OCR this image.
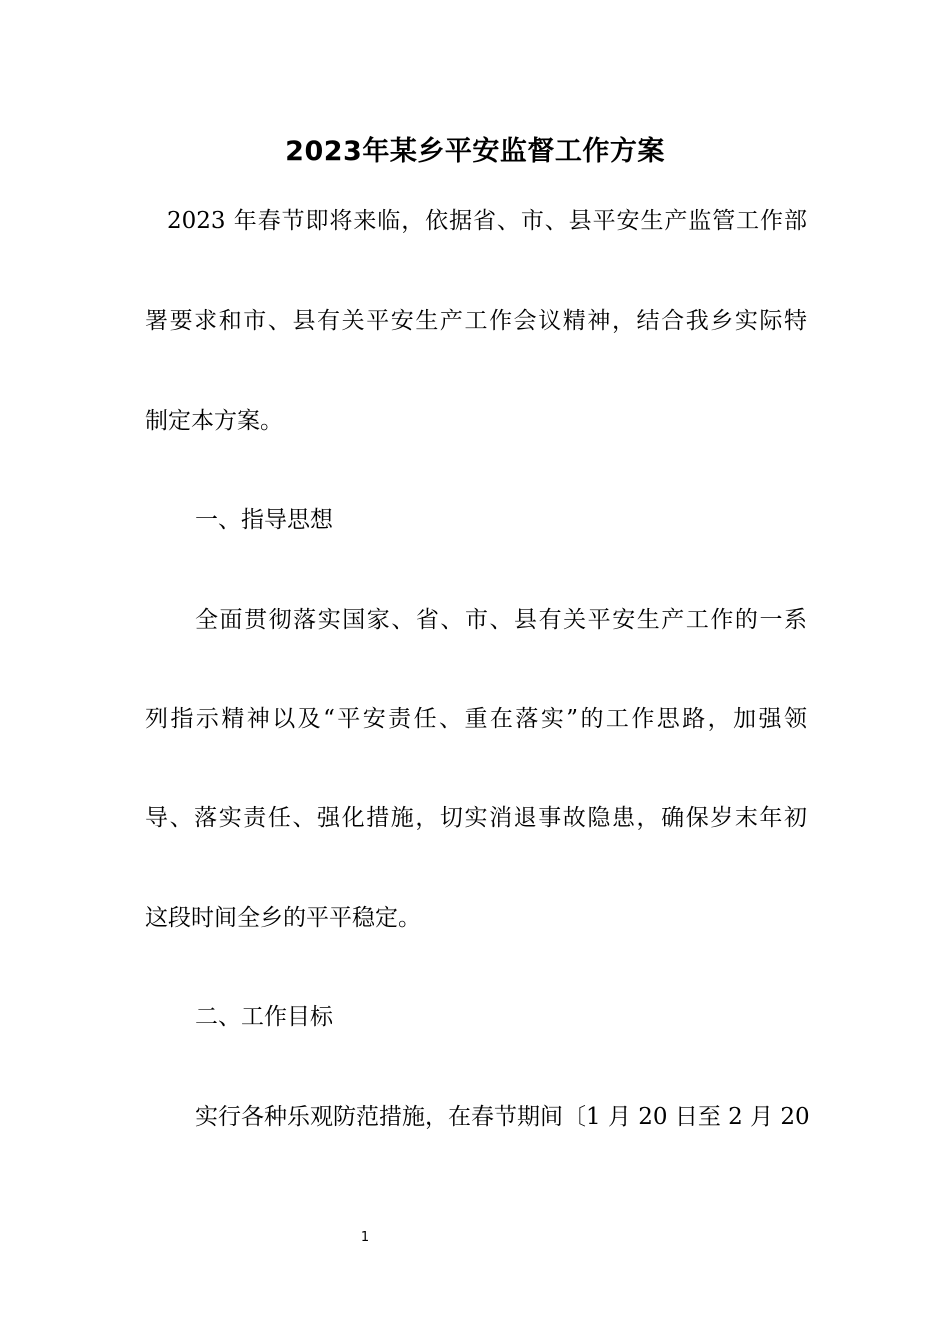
2023年某乡平安监督工作方案
2023 年春节即将来临，依据省、市、县平安生产监管工作部
署要求和市、县有关平安生产工作会议精神，结合我乡实际特
制定本方案。
一、指导思想
全面贯彻落实国家、省、市、县有关平安生产工作的一系
列指示精神以及“平安责任、重在落实”的工作思路，加强领
导、落实责任、强化措施，切实消退事故隐患，确保岁末年初
这段时间全乡的平平稳定。
二、工作目标
实行各种乐观防范措施，在春节期间〔1 月 20 日至 2 月 20
1
